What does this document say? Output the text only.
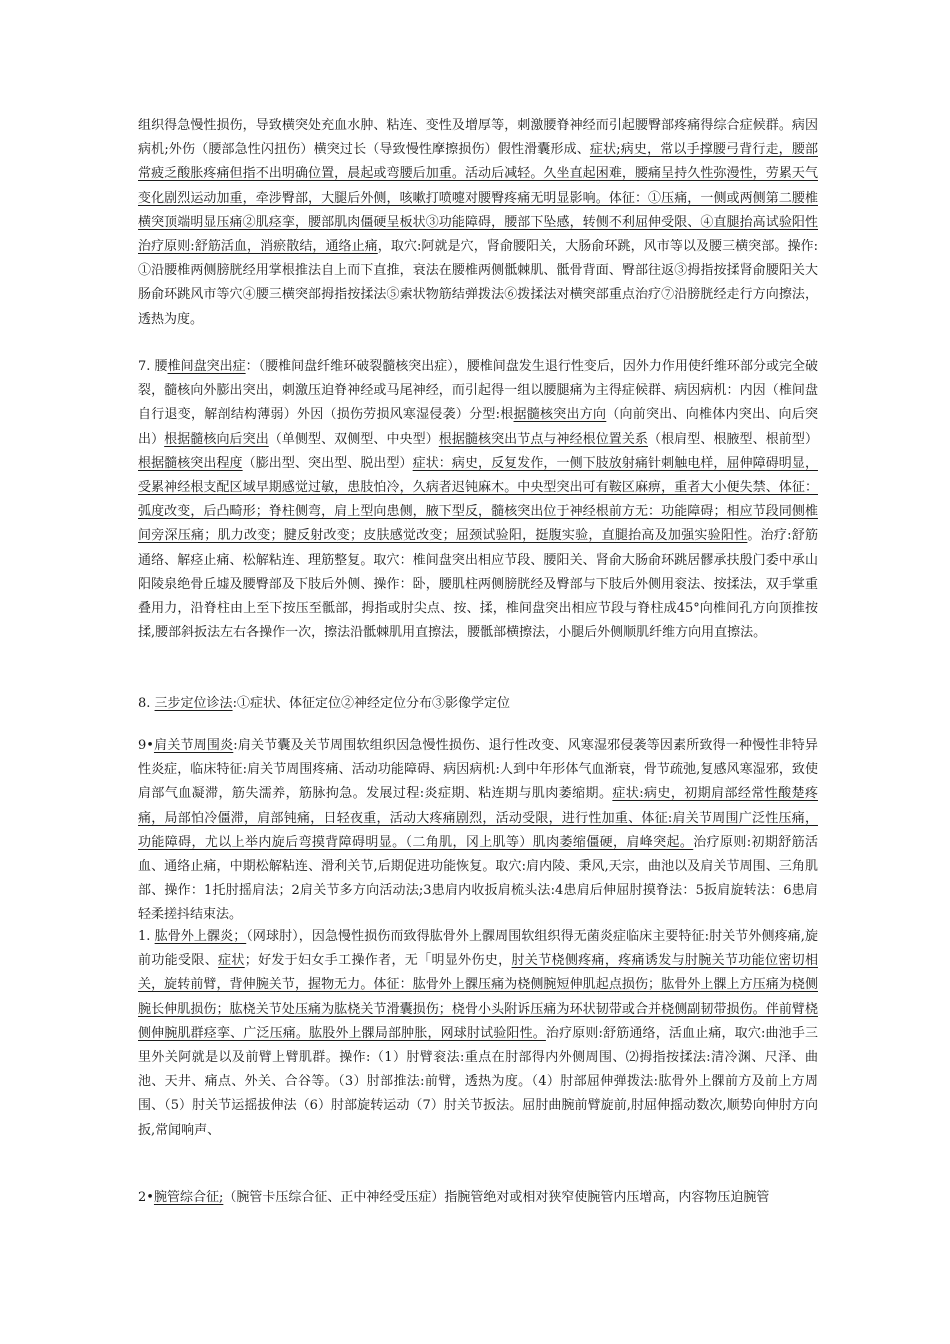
组织得急慢性损伤，导致横突处充血水肿、粘连、变性及增厚等，刺激腰脊神经而引起腰臀部疼痛得综合症候群。病因病机;外伤（腰部急性闪扭伤）横突过长（导致慢性摩擦损伤）假性滑囊形成、症状;病史，常以手撑腰弓背行走，腰部常疲乏酸胀疼痛但指不出明确位置，晨起或弯腰后加重。活动后减轻。久坐直起困难，腰痛呈持久性弥漫性，劳累天气变化剧烈运动加重，牵涉臀部，大腿后外侧，咳嗽打喷嚏对腰臀疼痛无明显影响。体征：①压痛，一侧或两侧第二腰椎横突顶端明显压痛②肌痉挛，腰部肌肉僵硬呈板状③功能障碍，腰部下坠感，转侧不利屈伸受限、④直腿抬高试验阳性治疗原则:舒筋活血，消瘀散结，通络止痛，取穴:阿就是穴，肾俞腰阳关，大肠俞环跳，风市等以及腰三横突部。操作:①沿腰椎两侧膀胱经用掌根推法自上而下直推，衰法在腰椎两侧骶棘肌、骶骨背面、臀部往返③拇指按揉肾俞腰阳关大肠俞环跳风市等穴④腰三横突部拇指按揉法⑤索状物筋结弹拨法⑥拨揉法对横突部重点治疗⑦沿膀胱经走行方向擦法，透热为度。

7. 腰椎间盘突出症：（腰椎间盘纤维环破裂髓核突出症），腰椎间盘发生退行性变后，因外力作用使纤维环部分或完全破裂，髓核向外膨出突出，刺激压迫脊神经或马尾神经，而引起得一组以腰腿痛为主得症候群、病因病机：内因（椎间盘自行退变，解剖结构薄弱）外因（损伤劳损风寒湿侵袭）分型:根据髓核突出方向（向前突出、向椎体内突出、向后突出）根据髓核向后突出（单侧型、双侧型、中央型）根据髓核突出节点与神经根位置关系（根肩型、根腋型、根前型）根据髓核突出程度（膨出型、突出型、脱出型）症状：病史，反复发作，一侧下肢放射痛针刺触电样，屈伸障碍明显，受累神经根支配区域早期感觉过敏，患肢怕冷，久病者迟钝麻木。中央型突出可有鞍区麻痹，重者大小便失禁、体征：弧度改变，后凸畸形；脊柱侧弯，肩上型向患侧，腋下型反，髓核突出位于神经根前方无：功能障碍；相应节段同侧椎间旁深压痛；肌力改变；腱反射改变；皮肤感觉改变；屈颈试验阳，挺腹实验，直腿抬高及加强实验阳性。治疗:舒筋通络、解痉止痛、松解粘连、理筋整复。取穴：椎间盘突出相应节段、腰阳关、肾俞大肠俞环跳居髎承扶殷门委中承山阳陵泉绝骨丘墟及腰臀部及下肢后外侧、操作：卧，腰肌柱两侧膀胱经及臀部与下肢后外侧用衮法、按揉法，双手掌重叠用力，沿脊柱由上至下按压至骶部，拇指或肘尖点、按、揉，椎间盘突出相应节段与脊柱成45°向椎间孔方向顶推按揉,腰部斜扳法左右各操作一次，擦法沿骶棘肌用直擦法，腰骶部横擦法，小腿后外侧顺肌纤维方向用直擦法。

8. 三步定位诊法:①症状、体征定位②神经定位分布③影像学定位

9•肩关节周围炎:肩关节囊及关节周围软组织因急慢性损伤、退行性改变、风寒湿邪侵袭等因素所致得一种慢性非特异性炎症，临床特征:肩关节周围疼痛、活动功能障碍、病因病机:人到中年形体气血渐衰，骨节疏弛,复感风寒湿邪，致使肩部气血凝滞，筋失濡养，筋脉拘急。发展过程:炎症期、粘连期与肌肉萎缩期。症状:病史，初期肩部经常性酸楚疼痛，局部怕冷僵滞，肩部钝痛，日轻夜重，活动大疼痛剧烈，活动受限，进行性加重、体征:肩关节周围广泛性压痛，功能障碍，尤以上举内旋后弯摸背障碍明显。（二角肌，冈上肌等）肌肉萎缩僵硬，肩峰突起。治疗原则:初期舒筋活血、通络止痛，中期松解粘连、滑利关节,后期促进功能恢复。取穴:肩内陵、秉风,天宗，曲池以及肩关节周围、三角肌部、操作：1托肘摇肩法；2肩关节多方向活动法;3患肩内收扳肩梳头法:4患肩后伸屈肘摸脊法：5扳肩旋转法：6患肩轻柔搓抖结束法。

1. 肱骨外上髁炎；（网球肘），因急慢性损伤而致得肱骨外上髁周围软组织得无菌炎症临床主要特征:肘关节外侧疼痛,旋前功能受限、症状；好发于妇女手工操作者，无「明显外伤史，肘关节桡侧疼痛，疼痛诱发与肘腕关节功能位密切相关，旋转前臂，背伸腕关节，握物无力。体征：肱骨外上髁压痛为桡侧腕短伸肌起点损伤；肱骨外上髁上方压痛为桡侧腕长伸肌损伤；肱桡关节处压痛为肱桡关节滑囊损伤；桡骨小头附诉压痛为环状韧带或合并桡侧副韧带损伤。伴前臂桡侧伸腕肌群痉挛、广泛压痛。肱股外上髁局部肿胀，网球肘试验阳性。治疗原则:舒筋通络，活血止痛，取穴:曲池手三里外关阿就是以及前臂上臂肌群。操作:（1）肘臂衮法:重点在肘部得内外侧周围、⑵拇指按揉法:清冷渊、尺泽、曲池、天井、痛点、外关、合谷等。（3）肘部推法:前臂，透热为度。（4）肘部屈伸弹拨法:肱骨外上髁前方及前上方周围、（5）肘关节运摇拔伸法（6）肘部旋转运动（7）肘关节扳法。屈肘曲腕前臂旋前,肘屈伸摇动数次,顺势向伸肘方向扳,常闻响声、

2•腕管综合征;（腕管卡压综合征、正中神经受压症）指腕管绝对或相对狭窄使腕管内压增高，内容物压迫腕管
